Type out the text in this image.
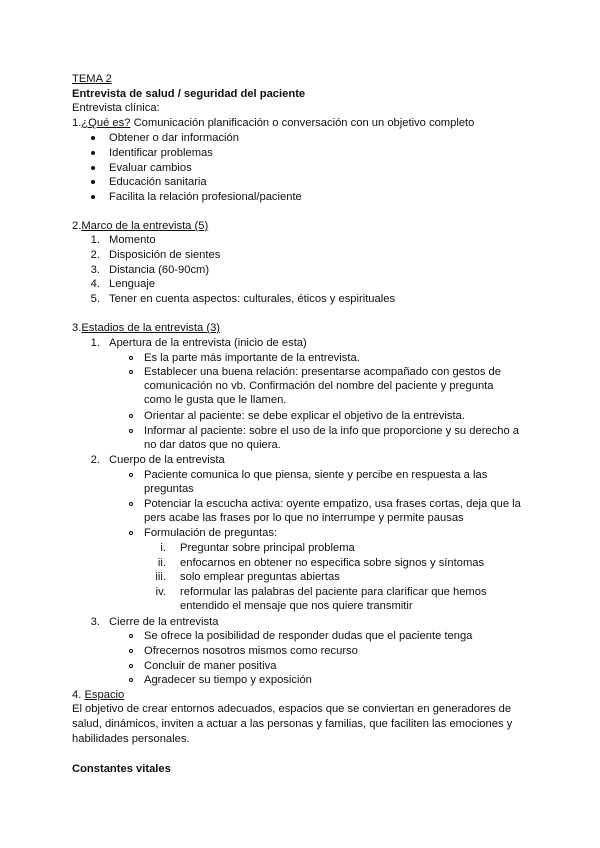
TEMA 2
Entrevista de salud / seguridad del paciente
Entrevista clínica:
1.¿Qué es? Comunicación planificación o conversación con un objetivo completo
Obtener o dar información
Identificar problemas
Evaluar cambios
Educación sanitaria
Facilita la relación profesional/paciente
2.Marco de la entrevista (5)
1. Momento
2. Disposición de sientes
3. Distancia (60-90cm)
4. Lenguaje
5. Tener en cuenta aspectos: culturales, éticos y espirituales
3.Estadios de la entrevista (3)
1. Apertura de la entrevista (inicio de esta)
Es la parte más importante de la entrevista.
Establecer una buena relación: presentarse acompañado con gestos de comunicación no vb. Confirmación del nombre del paciente y pregunta como le gusta que le llamen.
Orientar al paciente: se debe explicar el objetivo de la entrevista.
Informar al paciente: sobre el uso de la info que proporcione y su derecho a no dar datos que no quiera.
2. Cuerpo de la entrevista
Paciente comunica lo que piensa, siente y percibe en respuesta a las preguntas
Potenciar la escucha activa: oyente empatizo, usa frases cortas, deja que la pers acabe las frases por lo que no interrumpe y permite pausas
Formulación de preguntas:
i. Preguntar sobre principal problema
ii. enfocarnos en obtener no especifica sobre signos y síntomas
iii. solo emplear preguntas abiertas
iv. reformular las palabras del paciente para clarificar que hemos entendido el mensaje que nos quiere transmitir
3. Cierre de la entrevista
Se ofrece la posibilidad de responder dudas que el paciente tenga
Ofrecernos nosotros mismos como recurso
Concluir de maner positiva
Agradecer su tiempo y exposición
4. Espacio
El objetivo de crear entornos adecuados, espacios que se conviertan en generadores de salud, dinámicos, inviten a actuar a las personas y familias, que faciliten las emociones y habilidades personales.
Constantes vitales
